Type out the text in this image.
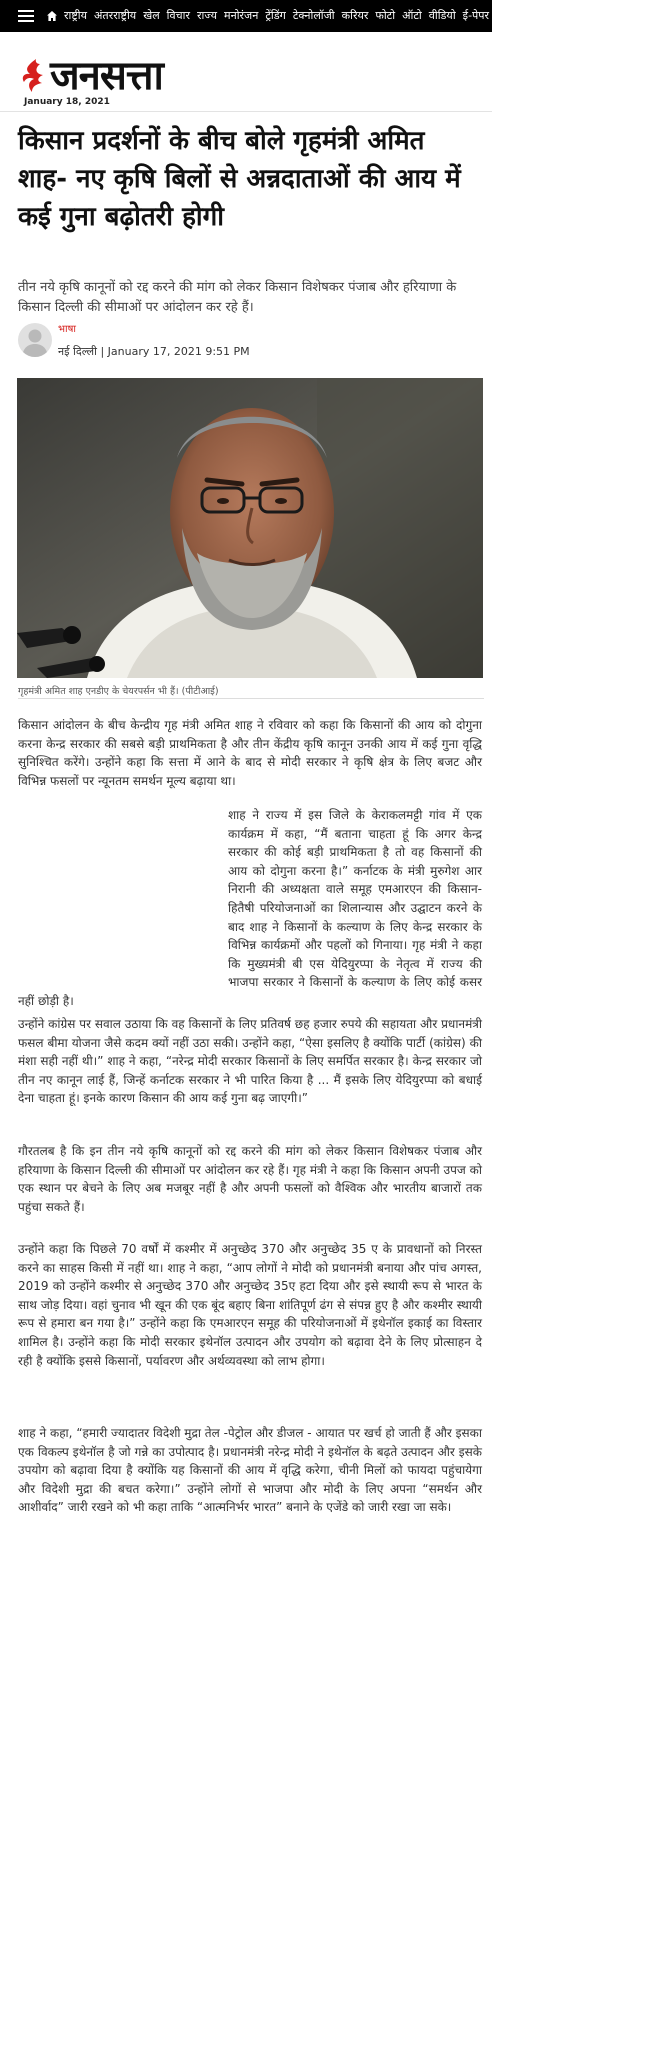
राष्ट्रीय अंतरराष्ट्रीय खेल विचार राज्य मनोरंजन ट्रेंडिंग टेक्नोलॉजी करियर फोटो ऑटो वीडियो ई-पेपर
जनसत्ता
January 18, 2021
किसान प्रदर्शनों के बीच बोले गृहमंत्री अमित शाह- नए कृषि बिलों से अन्नदाताओं की आय में कई गुना बढ़ोतरी होगी

तीन नये कृषि कानूनों को रद्द करने की मांग को लेकर किसान विशेषकर पंजाब और हरियाणा के किसान दिल्ली की सीमाओं पर आंदोलन कर रहे हैं।

भाषा
नई दिल्ली | January 17, 2021 9:51 PM
गृहमंत्री अमित शाह एनडीए के चेयरपर्सन भी हैं। (पीटीआई)

किसान आंदोलन के बीच केन्द्रीय गृह मंत्री अमित शाह ने रविवार को कहा कि किसानों की आय को दोगुना करना केन्द्र सरकार की सबसे बड़ी प्राथमिकता है और तीन केंद्रीय कृषि कानून उनकी आय में कई गुना वृद्धि सुनिश्चित करेंगे। उन्होंने कहा कि सत्ता में आने के बाद से मोदी सरकार ने कृषि क्षेत्र के लिए बजट और विभिन्न फसलों पर न्यूनतम समर्थन मूल्य बढ़ाया था।

शाह ने राज्य में इस जिले के केराकलमट्टी गांव में एक कार्यक्रम में कहा, “मैं बताना चाहता हूं कि अगर केन्द्र सरकार की कोई बड़ी प्राथमिकता है तो वह किसानों की आय को दोगुना करना है।” कर्नाटक के मंत्री मुरुगेश आर निरानी की अध्यक्षता वाले समूह एमआरएन की किसान-हितैषी परियोजनाओं का शिलान्यास और उद्घाटन करने के बाद शाह ने किसानों के कल्याण के लिए केन्द्र सरकार के विभिन्न कार्यक्रमों और पहलों को गिनाया। गृह मंत्री ने कहा कि मुख्यमंत्री बी एस येदियुरप्पा के नेतृत्व में राज्य की भाजपा सरकार ने किसानों के कल्याण के लिए कोई कसर नहीं छोड़ी है।

उन्होंने कांग्रेस पर सवाल उठाया कि वह किसानों के लिए प्रतिवर्ष छह हजार रुपये की सहायता और प्रधानमंत्री फसल बीमा योजना जैसे कदम क्यों नहीं उठा सकी। उन्होंने कहा, “ऐसा इसलिए है क्योंकि पार्टी (कांग्रेस) की मंशा सही नहीं थी।” शाह ने कहा, “नरेन्द्र मोदी सरकार किसानों के लिए समर्पित सरकार है। केन्द्र सरकार जो तीन नए कानून लाई हैं, जिन्हें कर्नाटक सरकार ने भी पारित किया है ... मैं इसके लिए येदियुरप्पा को बधाई देना चाहता हूं। इनके कारण किसान की आय कई गुना बढ़ जाएगी।”

गौरतलब है कि इन तीन नये कृषि कानूनों को रद्द करने की मांग को लेकर किसान विशेषकर पंजाब और हरियाणा के किसान दिल्ली की सीमाओं पर आंदोलन कर रहे हैं। गृह मंत्री ने कहा कि किसान अपनी उपज को एक स्थान पर बेचने के लिए अब मजबूर नहीं है और अपनी फसलों को वैश्विक और भारतीय बाजारों तक पहुंचा सकते हैं।

उन्होंने कहा कि पिछले 70 वर्षों में कश्मीर में अनुच्छेद 370 और अनुच्छेद 35 ए के प्रावधानों को निरस्त करने का साहस किसी में नहीं था। शाह ने कहा, “आप लोगों ने मोदी को प्रधानमंत्री बनाया और पांच अगस्त, 2019 को उन्होंने कश्मीर से अनुच्छेद 370 और अनुच्छेद 35ए हटा दिया और इसे स्थायी रूप से भारत के साथ जोड़ दिया। वहां चुनाव भी खून की एक बूंद बहाए बिना शांतिपूर्ण ढंग से संपन्न हुए है और कश्मीर स्थायी रूप से हमारा बन गया है।” उन्होंने कहा कि एमआरएन समूह की परियोजनाओं में इथेनॉल इकाई का विस्तार शामिल है। उन्होंने कहा कि मोदी सरकार इथेनॉल उत्पादन और उपयोग को बढ़ावा देने के लिए प्रोत्साहन दे रही है क्योंकि इससे किसानों, पर्यावरण और अर्थव्यवस्था को लाभ होगा।

शाह ने कहा, “हमारी ज्यादातर विदेशी मुद्रा तेल -पेट्रोल और डीजल - आयात पर खर्च हो जाती हैं और इसका एक विकल्प इथेनॉल है जो गन्ने का उपोत्पाद है। प्रधानमंत्री नरेन्द्र मोदी ने इथेनॉल के बढ़ते उत्पादन और इसके उपयोग को बढ़ावा दिया है क्योंकि यह किसानों की आय में वृद्धि करेगा, चीनी मिलों को फायदा पहुंचायेगा और विदेशी मुद्रा की बचत करेगा।” उन्होंने लोगों से भाजपा और मोदी के लिए अपना “समर्थन और आशीर्वाद” जारी रखने को भी कहा ताकि “आत्मनिर्भर भारत” बनाने के एजेंडे को जारी रखा जा सके।
